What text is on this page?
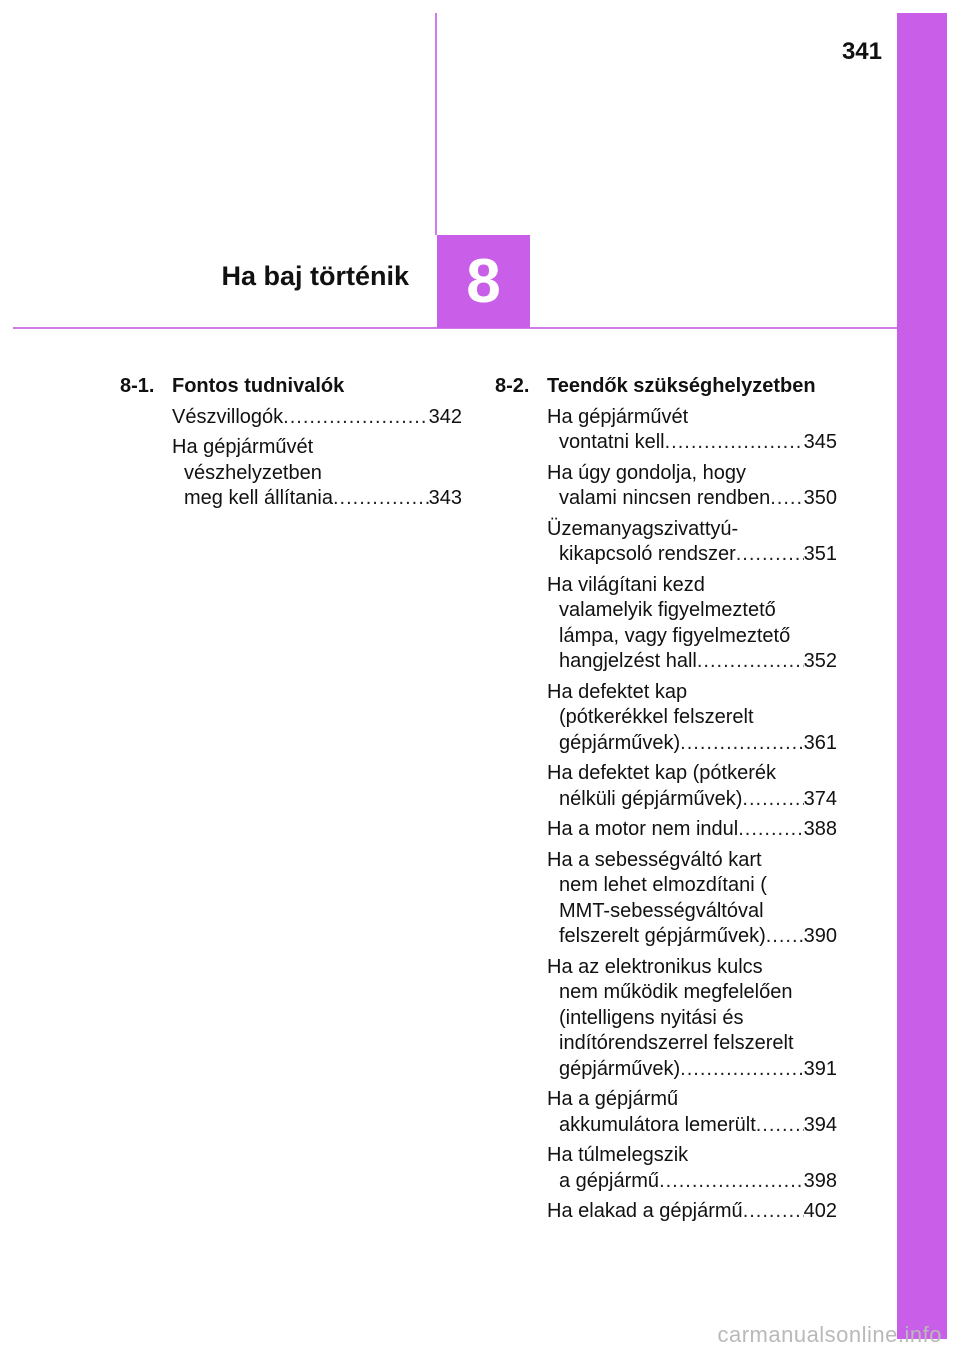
341
Ha baj történik 8
8-1. Fontos tudnivalók
Vészvillogók .....	342
Ha gépjárművét
vészhelyzetben
meg kell állítania .....	343
8-2. Teendők szükséghelyzetben
Ha gépjárművét
vontatni kell .....	345
Ha úgy gondolja, hogy
valami nincsen rendben ..... 350
Üzemanyagszivattyú-
kikapcsoló rendszer .....	351
Ha világítani kezd
valamelyik figyelmeztető
lámpa, vagy figyelmeztető
hangjelzést hall .....	352
Ha defektet kap
(pótkerékkel felszerelt
gépjárművek) .....	361
Ha defektet kap (pótkerék
nélküli gépjárművek) .....	374
Ha a motor nem indul .....	388
Ha a sebességváltó kart
nem lehet elmozdítani (
MMT-sebességváltóval
felszerelt gépjárművek) ..... 390
Ha az elektronikus kulcs
nem működik megfelelően
(intelligens nyitási és
indítórendszerrel felszerelt
gépjárművek) .....	391
Ha a gépjármű
akkumulátora lemerült ..... 394
Ha túlmelegszik
a gépjármű .....	398
Ha elakad a gépjármű .....	402
carmanualsonline.info
